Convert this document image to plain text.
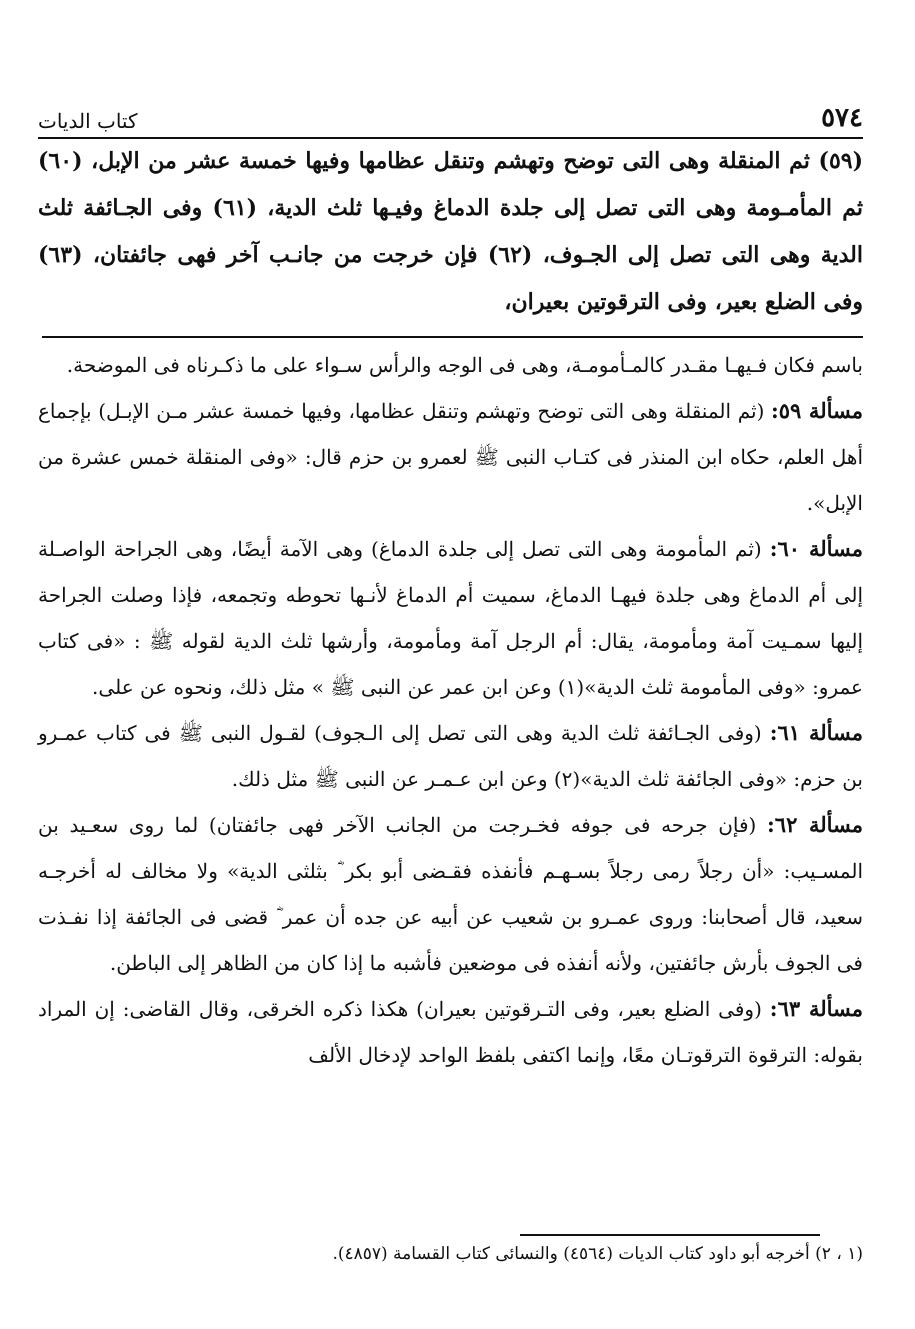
٥٧٤
كتاب الديات

(٥٩) ثم المنقلة وهى التى توضح وتهشم وتنقل عظامها وفيها خمسة عشر من الإبل، (٦٠) ثم المأمـومة وهى التى تصل إلى جلدة الدماغ وفيـها ثلث الدية، (٦١) وفى الجـائفة ثلث الدية وهى التى تصل إلى الجـوف، (٦٢) فإن خرجت من جانـب آخر فهى جائفتان، (٦٣) وفى الضلع بعير، وفى الترقوتين بعيران،

باسم فكان فـيهـا مقـدر كالمـأمومـة، وهى فى الوجه والرأس سـواء على ما ذكـرناه فى الموضحة.

مسألة ٥٩: (ثم المنقلة وهى التى توضح وتهشم وتنقل عظامها، وفيها خمسة عشر مـن الإبـل) بإجماع أهل العلم، حكاه ابن المنذر فى كتـاب النبى ﷺ لعمرو بن حزم قال: «وفى المنقلة خمس عشرة من الإبل».

مسألة ٦٠: (ثم المأمومة وهى التى تصل إلى جلدة الدماغ) وهى الآمة أيضًا، وهى الجراحة الواصـلة إلى أم الدماغ وهى جلدة فيهـا الدماغ، سميت أم الدماغ لأنـها تحوطه وتجمعه، فإذا وصلت الجراحة إليها سمـيت آمة ومأمومة، يقال: أم الرجل آمة ومأمومة، وأرشها ثلث الدية لقوله ﷺ : «فى كتاب عمرو: «وفى المأمومة ثلث الدية»(١) وعن ابن عمر عن النبى ﷺ » مثل ذلك، ونحوه عن على.

مسألة ٦١: (وفى الجـائفة ثلث الدية وهى التى تصل إلى الـجوف) لقـول النبى ﷺ فى كتاب عمـرو بن حزم: «وفى الجائفة ثلث الدية»(٢) وعن ابن عـمـر عن النبى ﷺ مثل ذلك.

مسألة ٦٢: (فإن جرحه فى جوفه فخـرجت من الجانب الآخر فهى جائفتان) لما روى سعـيد بن المسـيب: «أن رجلاً رمى رجلاً بسـهـم فأنفذه فقـضى أبو بكر ؓ بثلثى الدية» ولا مخالف له أخرجـه سعيد، قال أصحابنا: وروى عمـرو بن شعيب عن أبيه عن جده أن عمر ؓ قضى فى الجائفة إذا نفـذت فى الجوف بأرش جائفتين، ولأنه أنفذه فى موضعين فأشبه ما إذا كان من الظاهر إلى الباطن.

مسألة ٦٣: (وفى الضلع بعير، وفى التـرقوتين بعيران) هكذا ذكره الخرقى، وقال القاضى: إن المراد بقوله: الترقوة الترقوتـان معًا، وإنما اكتفى بلفظ الواحد لإدخال الألف

(١ ، ٢) أخرجه أبو داود كتاب الديات (٤٥٦٤) والنسائى كتاب القسامة (٤٨٥٧).
